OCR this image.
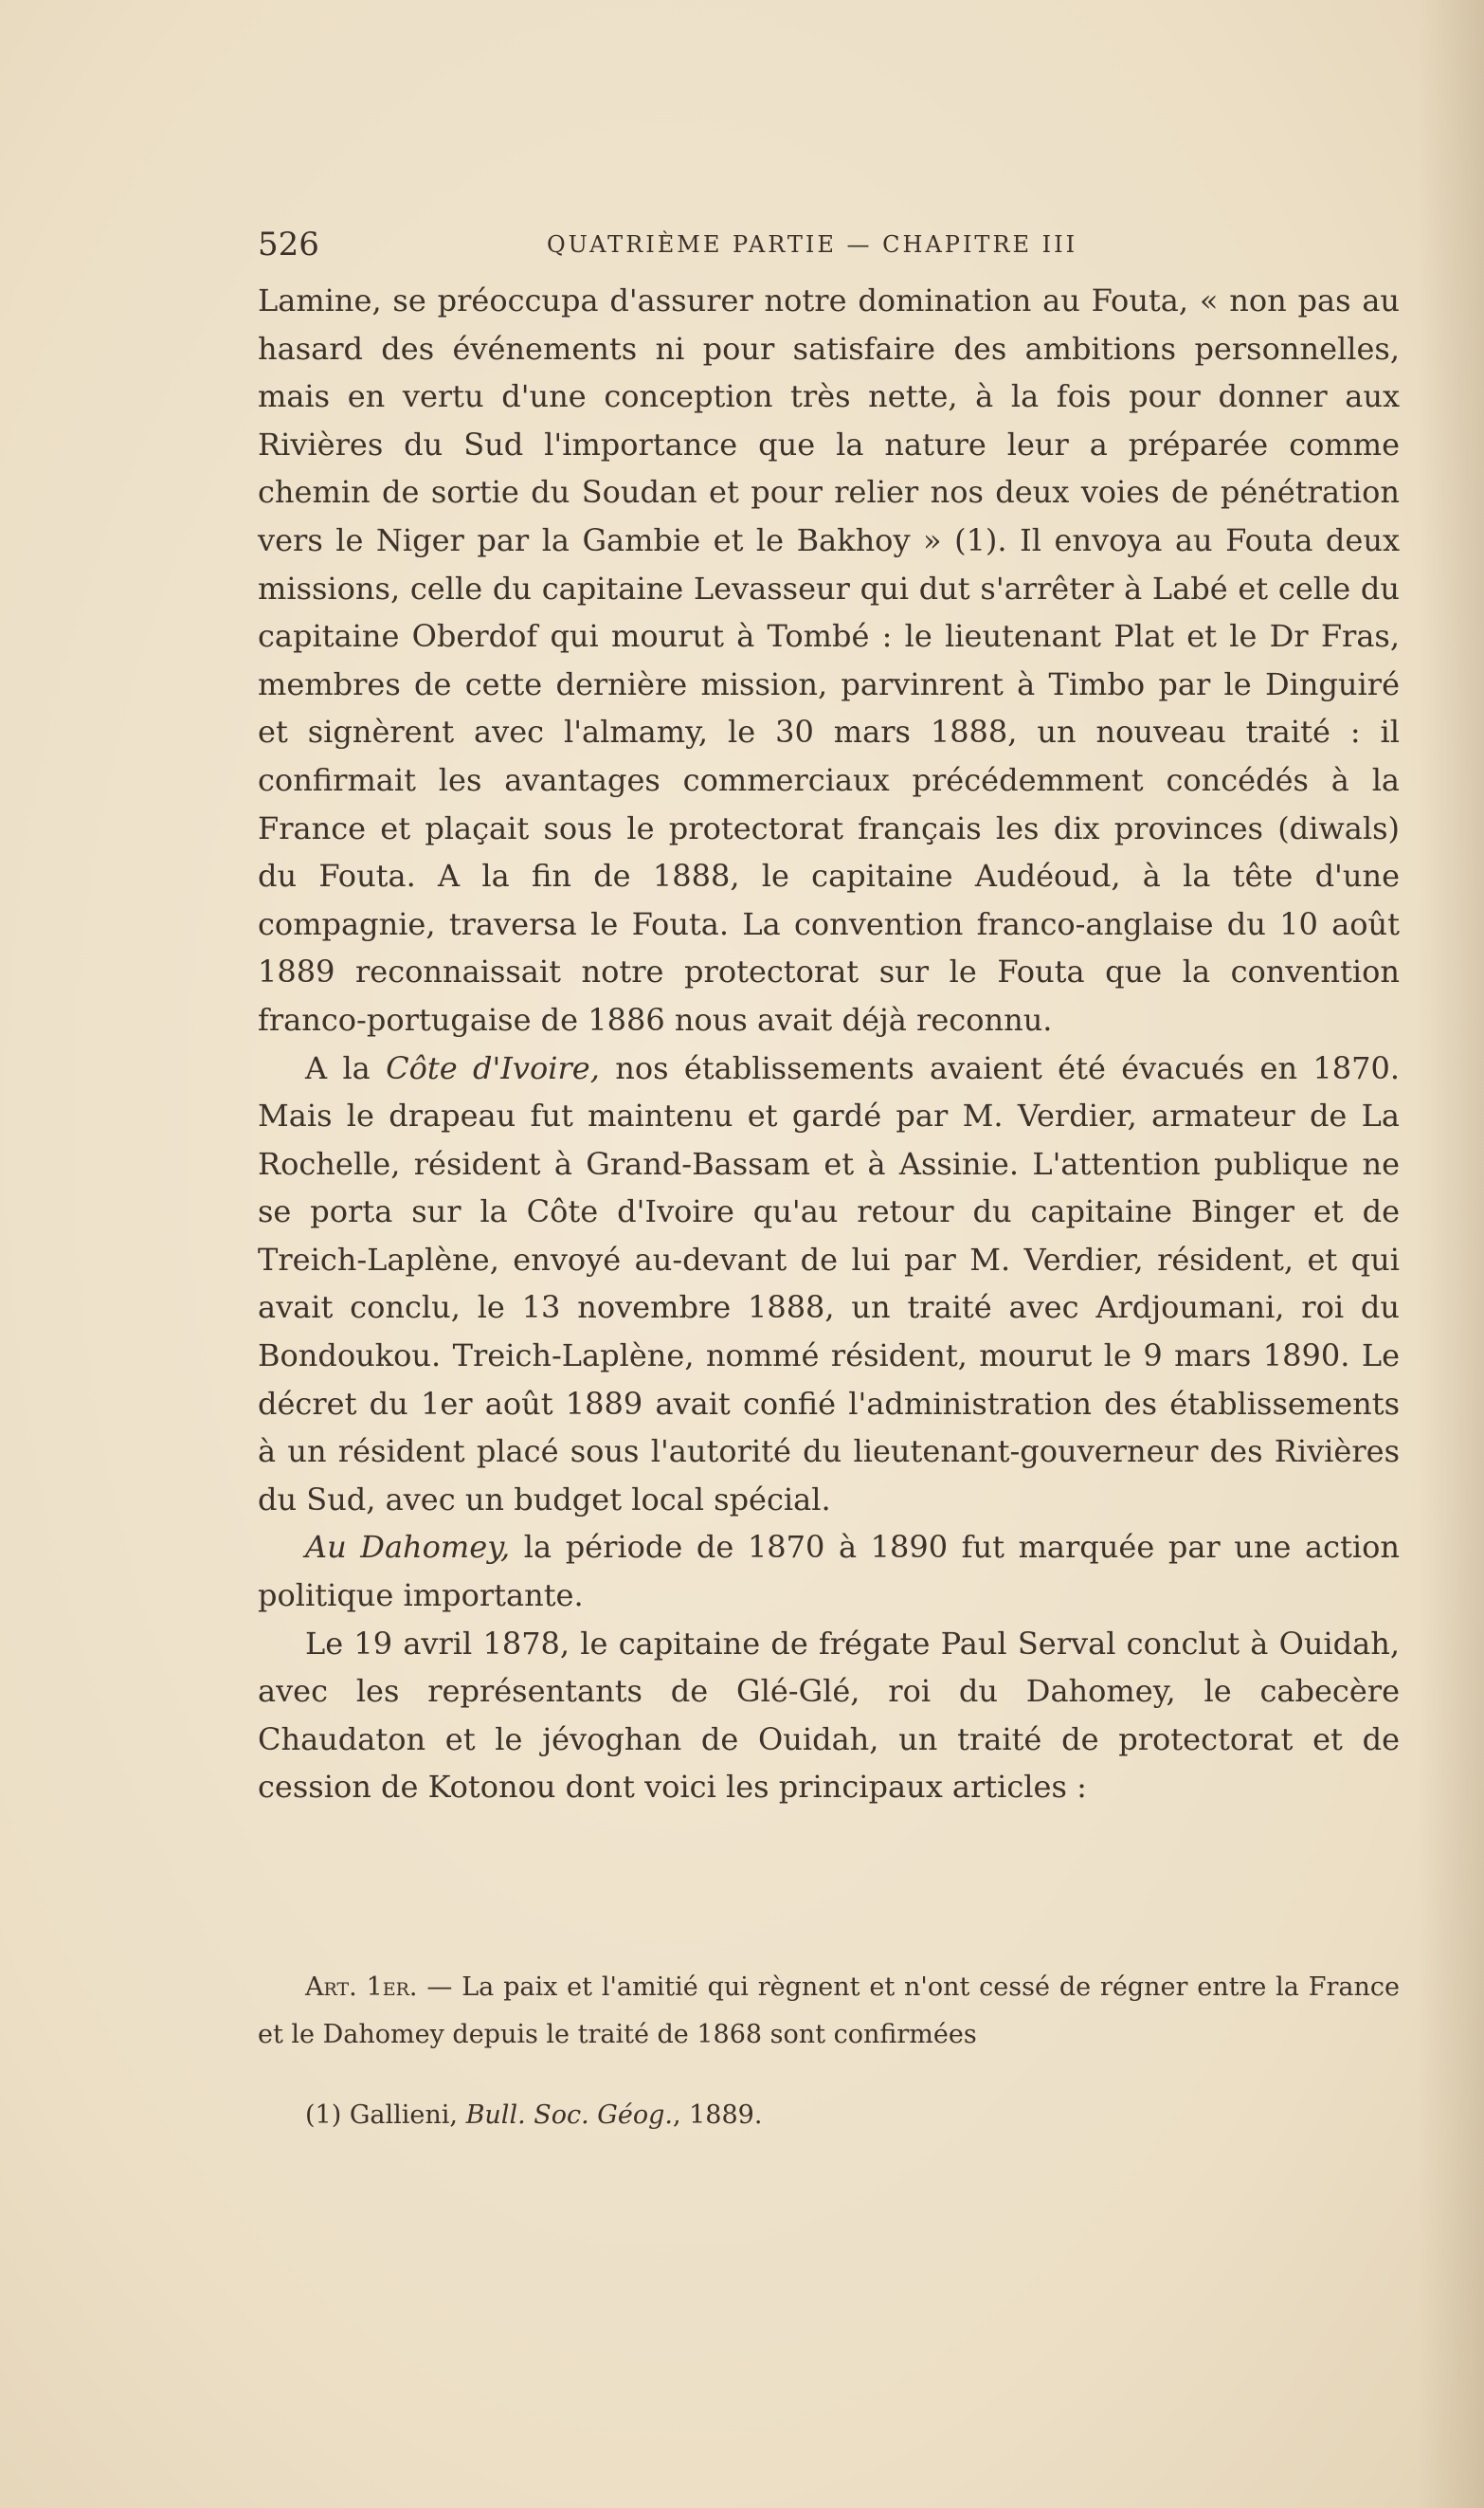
526	QUATRIÈME PARTIE — CHAPITRE III

Lamine, se préoccupa d'assurer notre domination au Fouta, « non pas au hasard des événements ni pour satisfaire des ambitions personnelles, mais en vertu d'une conception très nette, à la fois pour donner aux Rivières du Sud l'importance que la nature leur a préparée comme chemin de sortie du Soudan et pour relier nos deux voies de pénétration vers le Niger par la Gambie et le Bakhoy » (1). Il envoya au Fouta deux missions, celle du capitaine Levasseur qui dut s'arrêter à Labé et celle du capitaine Oberdof qui mourut à Tombé : le lieutenant Plat et le Dr Fras, membres de cette dernière mission, parvinrent à Timbo par le Dinguiré et signèrent avec l'almamy, le 30 mars 1888, un nouveau traité : il confirmait les avantages commerciaux précédemment concédés à la France et plaçait sous le protectorat français les dix provinces (diwals) du Fouta. A la fin de 1888, le capitaine Audéoud, à la tête d'une compagnie, traversa le Fouta. La convention franco-anglaise du 10 août 1889 reconnaissait notre protectorat sur le Fouta que la convention franco-portugaise de 1886 nous avait déjà reconnu.

A la Côte d'Ivoire, nos établissements avaient été évacués en 1870. Mais le drapeau fut maintenu et gardé par M. Verdier, armateur de La Rochelle, résident à Grand-Bassam et à Assinie. L'attention publique ne se porta sur la Côte d'Ivoire qu'au retour du capitaine Binger et de Treich-Laplène, envoyé au-devant de lui par M. Verdier, résident, et qui avait conclu, le 13 novembre 1888, un traité avec Ardjoumani, roi du Bondoukou. Treich-Laplène, nommé résident, mourut le 9 mars 1890. Le décret du 1er août 1889 avait confié l'administration des établissements à un résident placé sous l'autorité du lieutenant-gouverneur des Rivières du Sud, avec un budget local spécial.

Au Dahomey, la période de 1870 à 1890 fut marquée par une action politique importante.

Le 19 avril 1878, le capitaine de frégate Paul Serval conclut à Ouidah, avec les représentants de Glé-Glé, roi du Dahomey, le cabecère Chaudaton et le jévoghan de Ouidah, un traité de protectorat et de cession de Kotonou dont voici les principaux articles :

Art. 1er. — La paix et l'amitié qui règnent et n'ont cessé de régner entre la France et le Dahomey depuis le traité de 1868 sont confirmées

(1) Gallieni, Bull. Soc. Géog., 1889.
